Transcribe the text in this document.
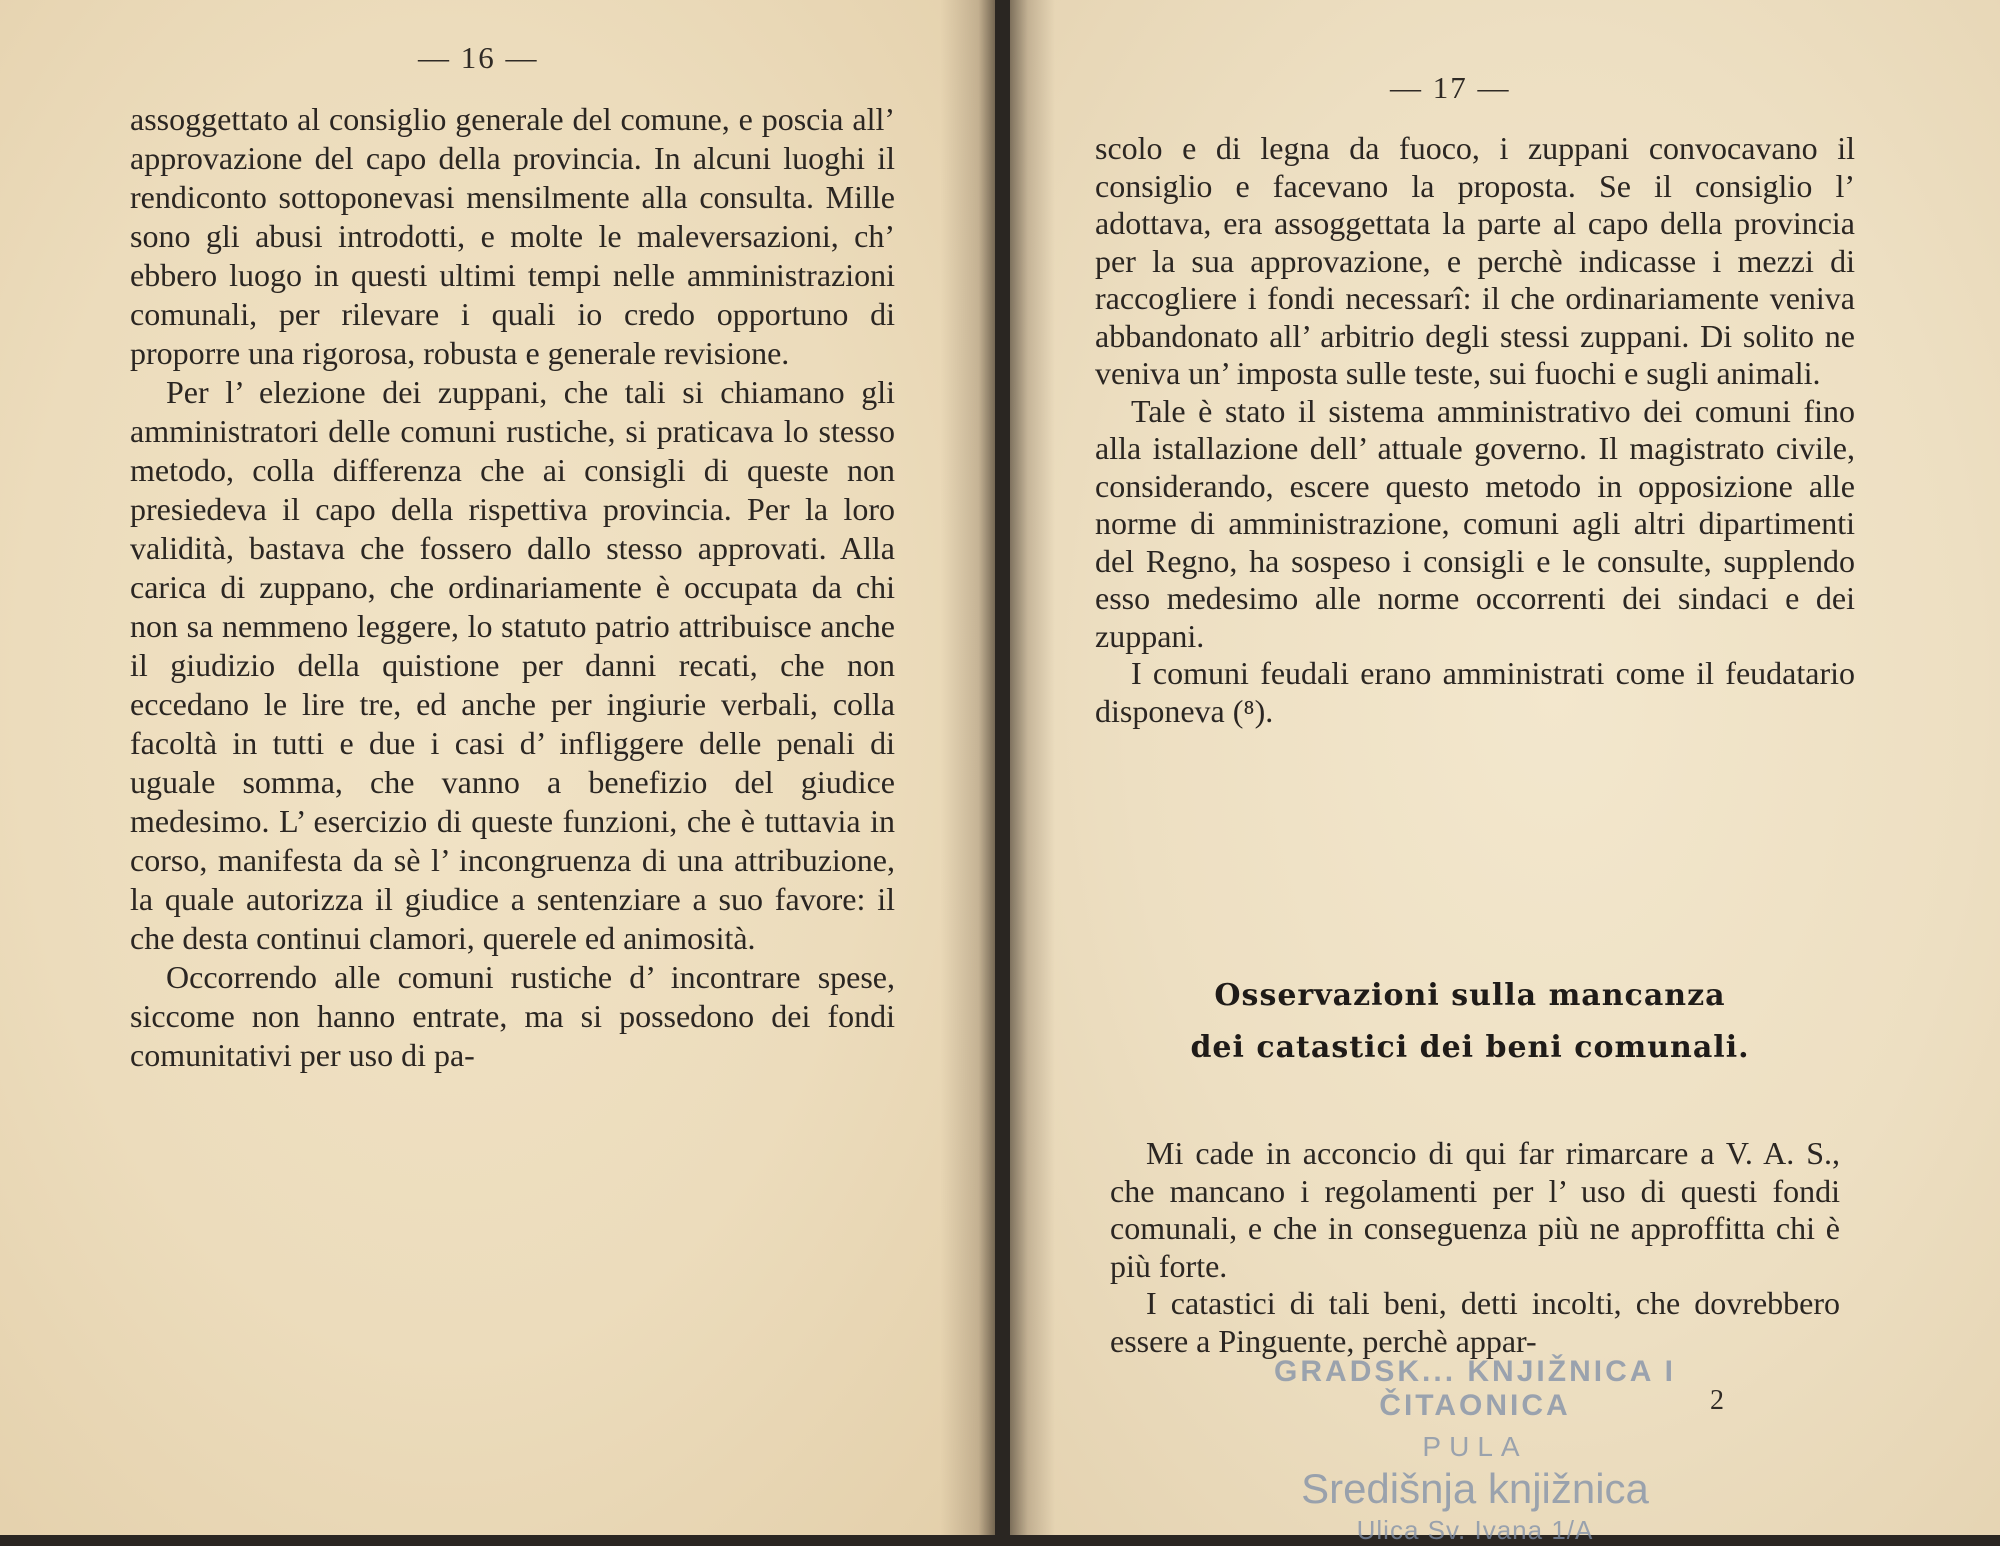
— 16 —

assoggettato al consiglio generale del comune, e poscia all’ approvazione del capo della provincia. In alcuni luoghi il rendiconto sottoponevasi mensilmente alla consulta. Mille sono gli abusi introdotti, e molte le maleversazioni, ch’ ebbero luogo in questi ultimi tempi nelle amministrazioni comunali, per rilevare i quali io credo opportuno di proporre una rigorosa, robusta e generale revisione.

Per l’ elezione dei zuppani, che tali si chiamano gli amministratori delle comuni rustiche, si praticava lo stesso metodo, colla differenza che ai consigli di queste non presiedeva il capo della rispettiva provincia. Per la loro validità, bastava che fossero dallo stesso approvati. Alla carica di zuppano, che ordinariamente è occupata da chi non sa nemmeno leggere, lo statuto patrio attribuisce anche il giudizio della quistione per danni recati, che non eccedano le lire tre, ed anche per ingiurie verbali, colla facoltà in tutti e due i casi d’ infliggere delle penali di uguale somma, che vanno a benefizio del giudice medesimo. L’ esercizio di queste funzioni, che è tuttavia in corso, manifesta da sè l’ incongruenza di una attribuzione, la quale autorizza il giudice a sentenziare a suo favore: il che desta continui clamori, querele ed animosità.

Occorrendo alle comuni rustiche d’ incontrare spese, siccome non hanno entrate, ma si possedono dei fondi comunitativi per uso di pa-

— 17 —

scolo e di legna da fuoco, i zuppani convocavano il consiglio e facevano la proposta. Se il consiglio l’ adottava, era assoggettata la parte al capo della provincia per la sua approvazione, e perchè indicasse i mezzi di raccogliere i fondi necessarî: il che ordinariamente veniva abbandonato all’ arbitrio degli stessi zuppani. Di solito ne veniva un’ imposta sulle teste, sui fuochi e sugli animali.

Tale è stato il sistema amministrativo dei comuni fino alla istallazione dell’ attuale governo. Il magistrato civile, considerando, escere questo metodo in opposizione alle norme di amministrazione, comuni agli altri dipartimenti del Regno, ha sospeso i consigli e le consulte, supplendo esso medesimo alle norme occorrenti dei sindaci e dei zuppani.

I comuni feudali erano amministrati come il feudatario disponeva (⁸).

Osservazioni sulla mancanza
dei catastici dei beni comunali.

Mi cade in acconcio di qui far rimarcare a V. A. S., che mancano i regolamenti per l’ uso di questi fondi comunali, e che in conseguenza più ne approffitta chi è più forte.

I catastici di tali beni, detti incolti, che dovrebbero essere a Pinguente, perchè appar-

2
GRADSK... KNJIŽNICA I ČITAONICA
PULA
Središnja knjižnica
Ulica Sv. Ivana 1/A
